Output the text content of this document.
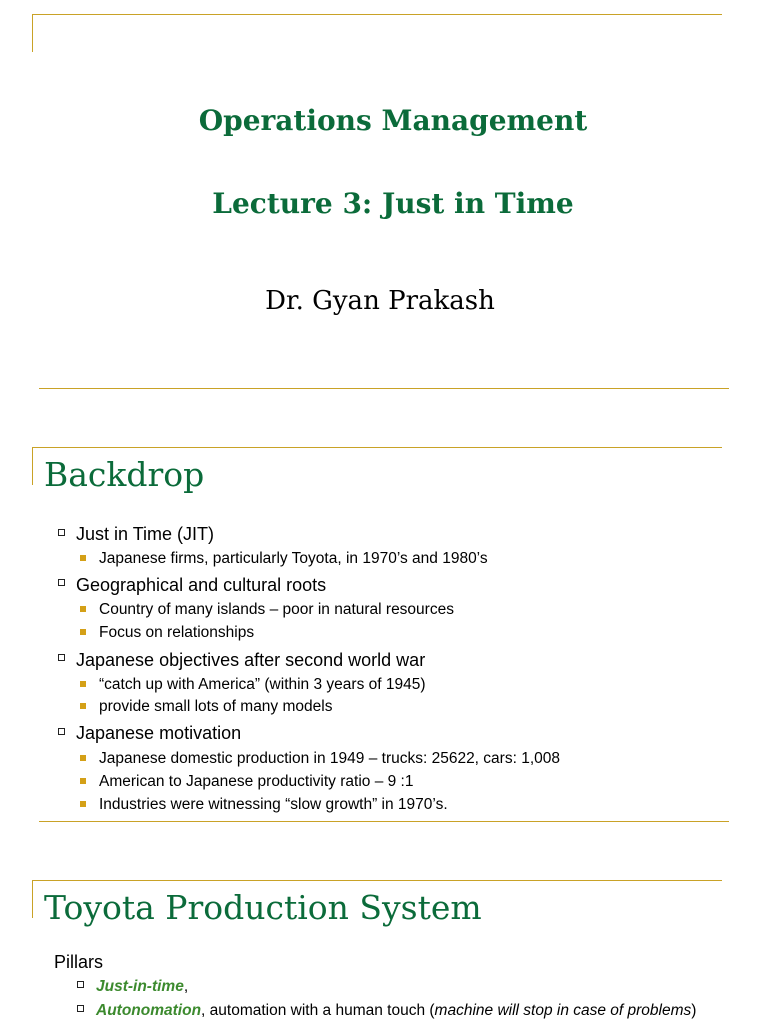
Operations Management
Lecture 3: Just in Time
Dr. Gyan Prakash
Backdrop
Just in Time (JIT)
Japanese firms, particularly Toyota, in 1970’s and 1980’s
Geographical and cultural roots
Country of many islands – poor in natural resources
Focus on relationships
Japanese objectives after second world war
“catch up with America” (within 3 years of 1945)
provide small lots of many models
Japanese motivation
Japanese domestic production in 1949 – trucks: 25622, cars: 1,008
American to Japanese productivity ratio – 9 :1
Industries were witnessing “slow growth” in 1970’s.
Toyota Production System
Pillars
Just-in-time,
Autonomation, automation with a human touch (machine will stop in case of problems)
